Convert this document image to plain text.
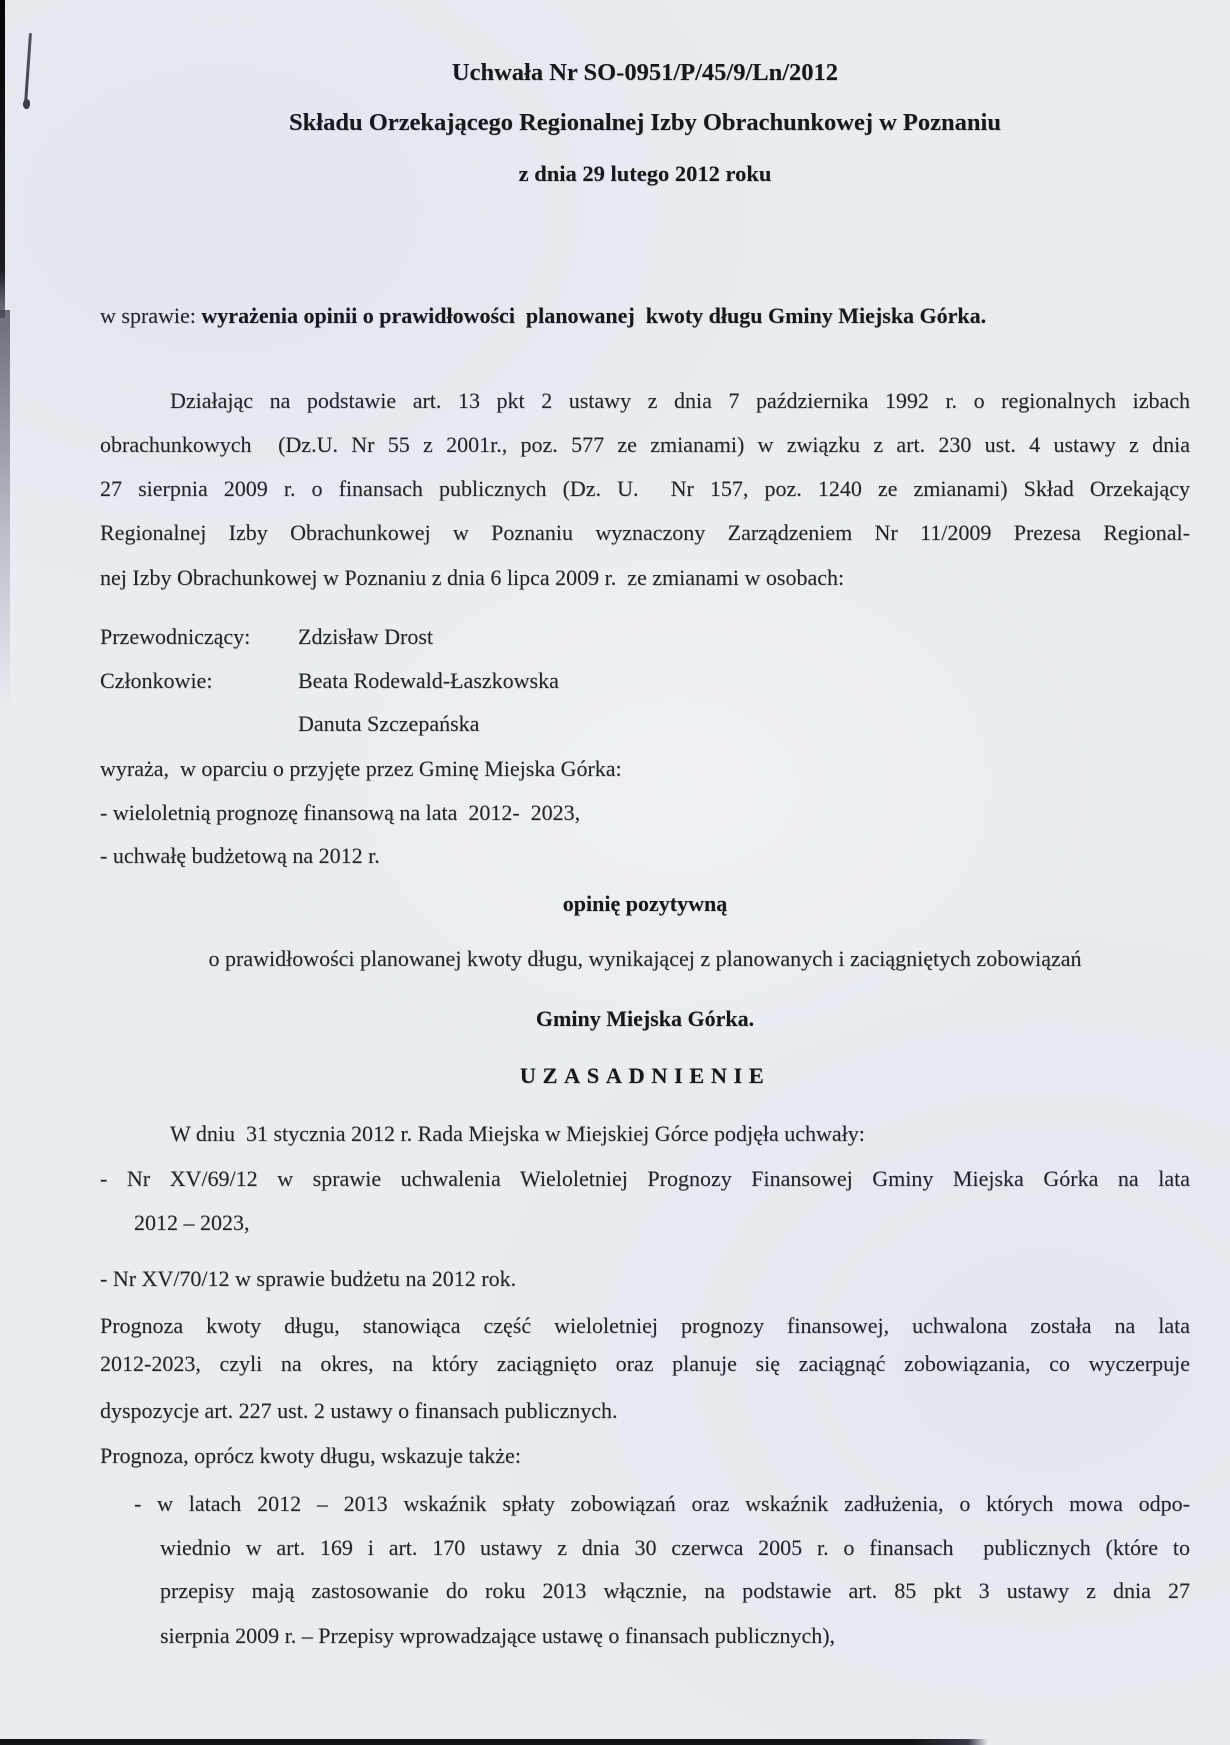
Uchwała Nr SO-0951/P/45/9/Ln/2012
Składu Orzekającego Regionalnej Izby Obrachunkowej w Poznaniu
z dnia 29 lutego 2012 roku
w sprawie: wyrażenia opinii o prawidłowości  planowanej  kwoty długu Gminy Miejska Górka.
Działając na podstawie art. 13 pkt 2 ustawy z dnia 7 października 1992 r. o regionalnych izbach
obrachunkowych  (Dz.U. Nr 55 z 2001r., poz. 577 ze zmianami) w związku z art. 230 ust. 4 ustawy z dnia
27 sierpnia 2009 r. o finansach publicznych (Dz. U.  Nr 157, poz. 1240 ze zmianami) Skład Orzekający
Regionalnej Izby Obrachunkowej w Poznaniu wyznaczony Zarządzeniem Nr 11/2009 Prezesa Regional-
nej Izby Obrachunkowej w Poznaniu z dnia 6 lipca 2009 r.  ze zmianami w osobach:
Przewodniczący: Zdzisław Drost
Członkowie:	Beata Rodewald-Łaszkowska
Danuta Szczepańska
wyraża,  w oparciu o przyjęte przez Gminę Miejska Górka:
- wieloletnią prognozę finansową na lata  2012-  2023,
- uchwałę budżetową na 2012 r.
opinię pozytywną
o prawidłowości planowanej kwoty długu, wynikającej z planowanych i zaciągniętych zobowiązań
Gminy Miejska Górka.
UZASADNIENIE
W dniu  31 stycznia 2012 r. Rada Miejska w Miejskiej Górce podjęła uchwały:
- Nr XV/69/12 w sprawie uchwalenia Wieloletniej Prognozy Finansowej Gminy Miejska Górka na lata
2012 – 2023,
- Nr XV/70/12 w sprawie budżetu na 2012 rok.
Prognoza kwoty długu, stanowiąca część wieloletniej prognozy finansowej, uchwalona została na lata
2012-2023, czyli na okres, na który zaciągnięto oraz planuje się zaciągnąć zobowiązania, co wyczerpuje
dyspozycje art. 227 ust. 2 ustawy o finansach publicznych.
Prognoza, oprócz kwoty długu, wskazuje także:
- w latach 2012 – 2013 wskaźnik spłaty zobowiązań oraz wskaźnik zadłużenia, o których mowa odpo-
wiednio w art. 169 i art. 170 ustawy z dnia 30 czerwca 2005 r. o finansach  publicznych (które to
przepisy mają zastosowanie do roku 2013 włącznie, na podstawie art. 85 pkt 3 ustawy z dnia 27
sierpnia 2009 r. – Przepisy wprowadzające ustawę o finansach publicznych),
